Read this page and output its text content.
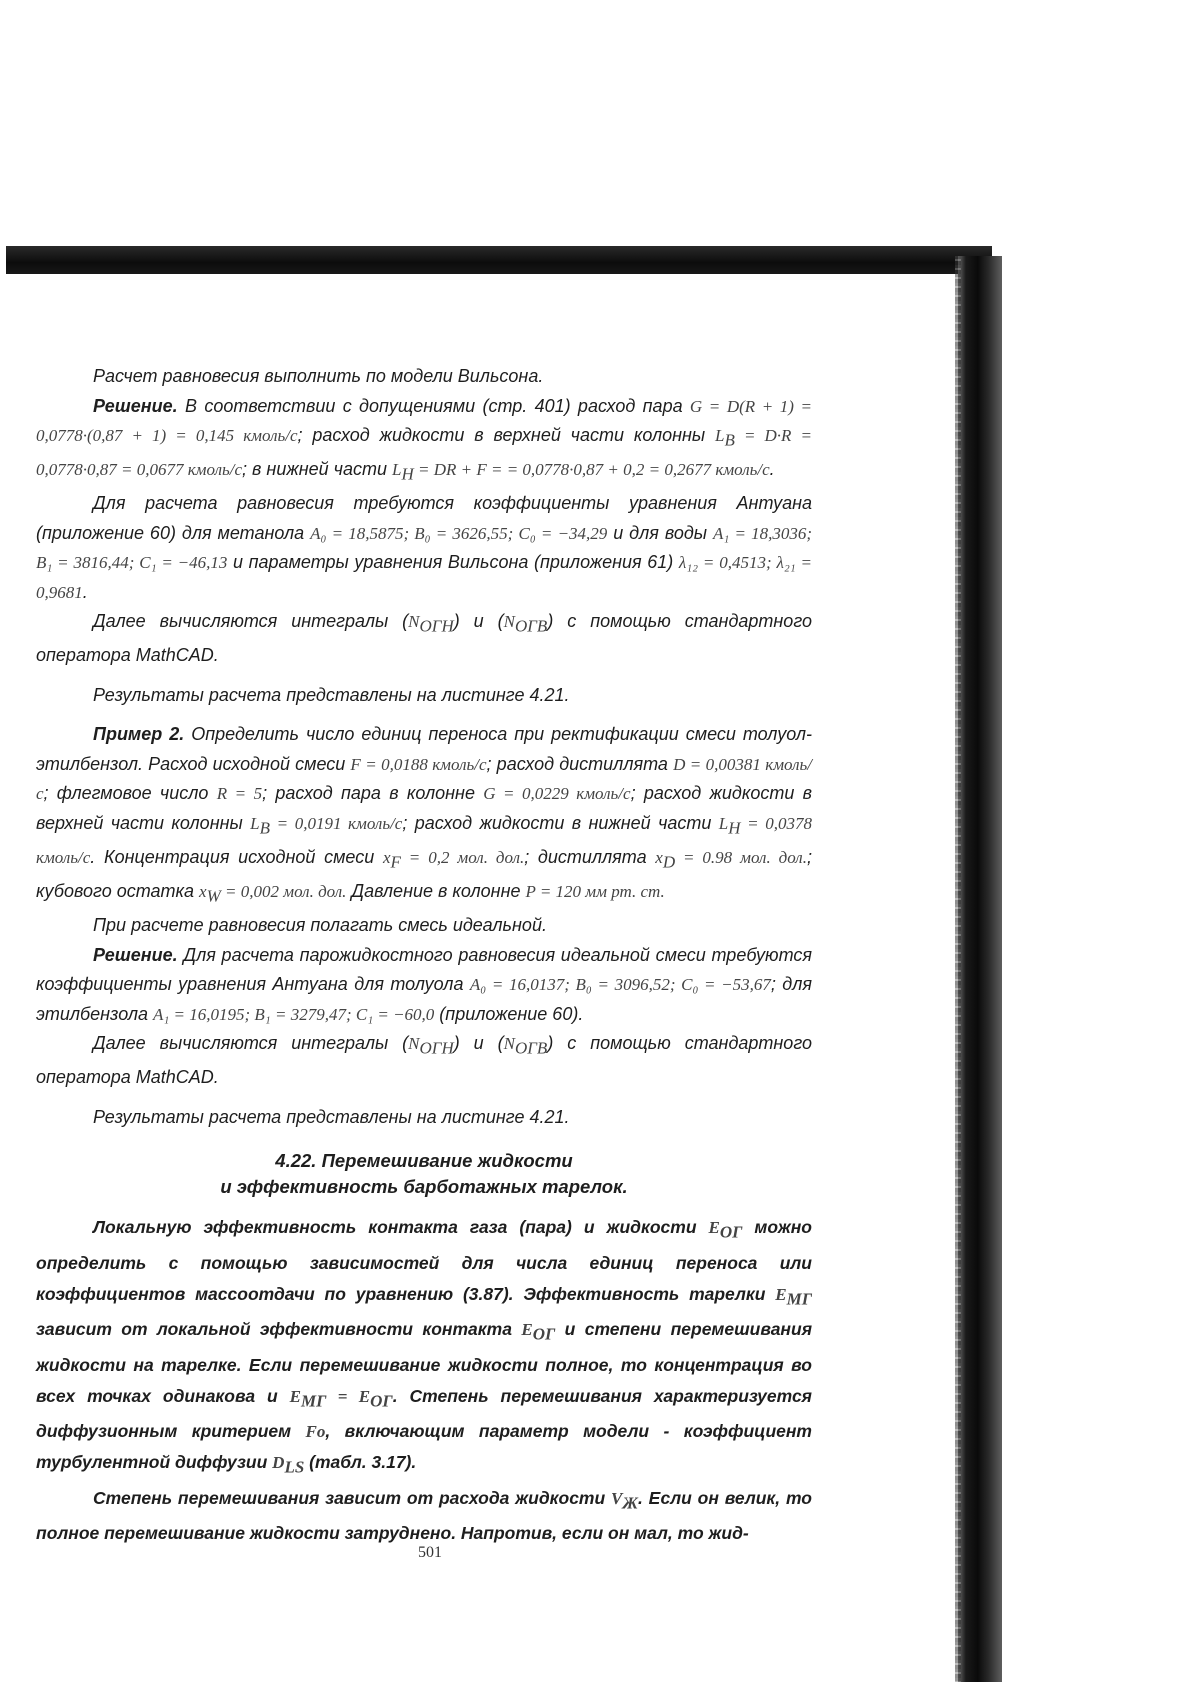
Расчет равновесия выполнить по модели Вильсона.

Решение. В соответствии с допущениями (стр. 401) расход пара G = D(R + 1) = 0,0778·(0,87 + 1) = 0,145 кмоль/с; расход жидкости в верхней части колонны $L_В = D\cdot R = 0,0778\cdot 0,87 = 0,0677$ кмоль/с; в нижней части $L_Н$ = DR + F = = 0,0778·0,87 + 0,2 = 0,2677 кмоль/с.

Для расчета равновесия требуются коэффициенты уравнения Антуана (приложение 60) для метанола A₀ = 18,5875; B₀ = 3626,55; C₀ = −34,29 и для воды A₁ = 18,3036; B₁ = 3816,44; C₁ = −46,13 и параметры уравнения Вильсона (приложения 61) λ₁₂ = 0,4513; λ₂₁ = 0,9681.

Далее вычисляются интегралы $(N_{ОГН})$ и $(N_{ОГВ})$ с помощью стандартного оператора MathCAD.

Результаты расчета представлены на листинге 4.21.

Пример 2. Определить число единиц переноса при ректификации смеси толуол-этилбензол. Расход исходной смеси F = 0,0188 кмоль/с; расход дистиллята D = 0,00381 кмоль/с; флегмовое число R = 5; расход пара в колонне G = 0,0229 кмоль/с; расход жидкости в верхней части колонны $L_В = 0,0191$ кмоль/с; расход жидкости в нижней части $L_Н = 0,0378$ кмоль/с. Концентрация исходной смеси $x_F = 0,2$ мол. дол.; дистиллята $x_D = 0.98$ мол. дол.; кубового остатка $x_W = 0,002$ мол. дол. Давление в колонне P = 120 мм рт. ст.

При расчете равновесия полагать смесь идеальной.

Решение. Для расчета парожидкостного равновесия идеальной смеси требуются коэффициенты уравнения Антуана для толуола A₀ = 16,0137; B₀ = 3096,52; C₀ = −53,67; для этилбензола A₁ = 16,0195; B₁ = 3279,47; C₁ = −60,0 (приложение 60).

Далее вычисляются интегралы $(N_{ОГН})$ и $(N_{ОГВ})$ с помощью стандартного оператора MathCAD.

Результаты расчета представлены на листинге 4.21.

4.22. Перемешивание жидкости
и эффективность барботажных тарелок.

Локальную эффективность контакта газа (пара) и жидкости $E_{ОГ}$ можно определить с помощью зависимостей для числа единиц переноса или коэффициентов массоотдачи по уравнению (3.87). Эффективность тарелки $E_{МГ}$ зависит от локальной эффективности контакта $E_{ОГ}$ и степени перемешивания жидкости на тарелке. Если перемешивание жидкости полное, то концентрация во всех точках одинакова и $E_{МГ} = E_{ОГ}$. Степень перемешивания характеризуется диффузионным критерием Fo, включающим параметр модели - коэффициент турбулентной диффузии $D_{LS}$ (табл. 3.17).

Степень перемешивания зависит от расхода жидкости $V_Ж$. Если он велик, то полное перемешивание жидкости затруднено. Напротив, если он мал, то жид-

501
